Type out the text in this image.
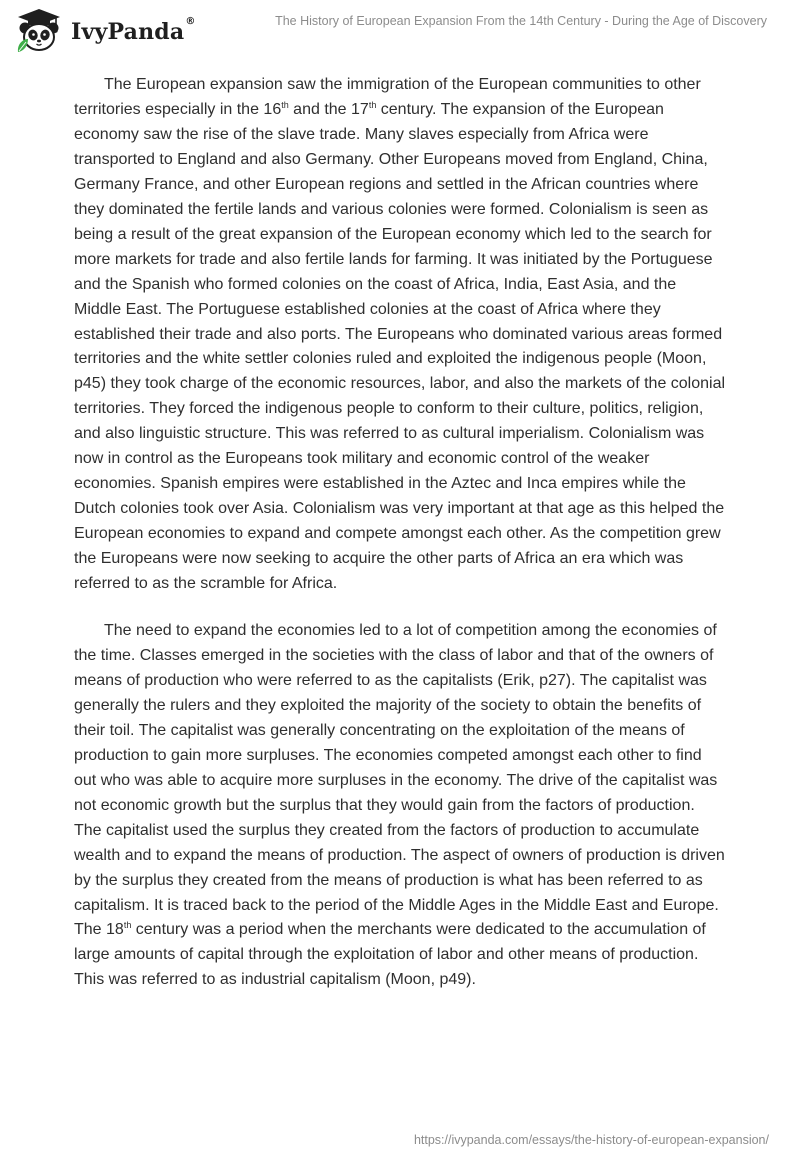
IvyPanda®	The History of European Expansion From the 14th Century - During the Age of Discovery

The European expansion saw the immigration of the European communities to other territories especially in the 16th and the 17th century. The expansion of the European economy saw the rise of the slave trade. Many slaves especially from Africa were transported to England and also Germany. Other Europeans moved from England, China, Germany France, and other European regions and settled in the African countries where they dominated the fertile lands and various colonies were formed. Colonialism is seen as being a result of the great expansion of the European economy which led to the search for more markets for trade and also fertile lands for farming. It was initiated by the Portuguese and the Spanish who formed colonies on the coast of Africa, India, East Asia, and the Middle East. The Portuguese established colonies at the coast of Africa where they established their trade and also ports. The Europeans who dominated various areas formed territories and the white settler colonies ruled and exploited the indigenous people (Moon, p45) they took charge of the economic resources, labor, and also the markets of the colonial territories. They forced the indigenous people to conform to their culture, politics, religion, and also linguistic structure. This was referred to as cultural imperialism. Colonialism was now in control as the Europeans took military and economic control of the weaker economies. Spanish empires were established in the Aztec and Inca empires while the Dutch colonies took over Asia. Colonialism was very important at that age as this helped the European economies to expand and compete amongst each other. As the competition grew the Europeans were now seeking to acquire the other parts of Africa an era which was referred to as the scramble for Africa.

The need to expand the economies led to a lot of competition among the economies of the time. Classes emerged in the societies with the class of labor and that of the owners of means of production who were referred to as the capitalists (Erik, p27). The capitalist was generally the rulers and they exploited the majority of the society to obtain the benefits of their toil. The capitalist was generally concentrating on the exploitation of the means of production to gain more surpluses. The economies competed amongst each other to find out who was able to acquire more surpluses in the economy. The drive of the capitalist was not economic growth but the surplus that they would gain from the factors of production. The capitalist used the surplus they created from the factors of production to accumulate wealth and to expand the means of production. The aspect of owners of production is driven by the surplus they created from the means of production is what has been referred to as capitalism. It is traced back to the period of the Middle Ages in the Middle East and Europe. The 18th century was a period when the merchants were dedicated to the accumulation of large amounts of capital through the exploitation of labor and other means of production. This was referred to as industrial capitalism (Moon, p49).

https://ivypanda.com/essays/the-history-of-european-expansion/
